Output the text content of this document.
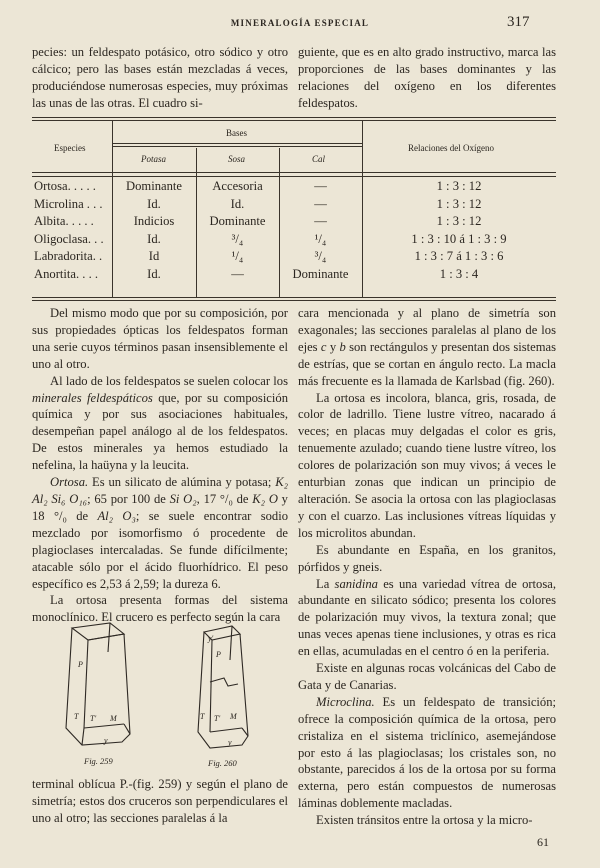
MINERALOGÍA ESPECIAL	317

pecies: un feldespato potásico, otro sódico y otro cálcico; pero las bases están mezcladas á veces, produciéndose numerosas especies, muy próximas las unas de las otras. El cuadro si-

guiente, que es en alto grado instructivo, marca las proporciones de las bases dominantes y las relaciones del oxígeno en los diferentes feldespatos.

Especies
Bases
Potasa	Sosa	Cal
Relaciones del Oxígeno
Ortosa. . . . .	Dominante	Accesoria	—	1 : 3 : 12
Microlina . . .	Id.	Id.	—	1 : 3 : 12
Albita. . . . .	Indicios	Dominante	—	1 : 3 : 12
Oligoclasa. . .	Id.	³/₄	¹/₄	1 : 3 : 10 á 1 : 3 : 9
Labradorita. .	Id	¹/₄	³/₄	1 : 3 : 7 á 1 : 3 : 6
Anortita. . . .	Id.	—	Dominante	1 : 3 : 4

Del mismo modo que por su composición, por sus propiedades ópticas los feldespatos forman una serie cuyos términos pasan insensiblemente el uno al otro.

Al lado de los feldespatos se suelen colocar los minerales feldespáticos que, por su composición química y por sus asociaciones habituales, desempeñan papel análogo al de los feldespatos. De estos minerales ya hemos estudiado la nefelina, la haüyna y la leucita.

Ortosa. Es un silicato de alúmina y potasa; K₂ Al₂ Si₆ O₁₆; 65 por 100 de Si O₂, 17 °/₀ de K₂ O y 18 °/₀ de Al₂ O₃; se suele encontrar sodio mezclado por isomorfismo ó procedente de plagioclases intercaladas. Se funde difícilmente; atacable sólo por el ácido fluorhídrico. El peso específico es 2,53 á 2,59; la dureza 6.

La ortosa presenta formas del sistema monoclínico. El crucero es perfecto según la cara

P
T T' M
y
y'
P
T T' M
y
Fig. 259	Fig. 260

terminal oblícua P.-(fig. 259) y según el plano de simetría; estos dos cruceros son perpendiculares el uno al otro; las secciones paralelas á la

cara mencionada y al plano de simetría son exagonales; las secciones paralelas al plano de los ejes c y b son rectángulos y presentan dos sistemas de estrías, que se cortan en ángulo recto. La macla más frecuente es la llamada de Karlsbad (fig. 260).

La ortosa es incolora, blanca, gris, rosada, de color de ladrillo. Tiene lustre vítreo, nacarado á veces; en placas muy delgadas el color es gris, tenuemente azulado; cuando tiene lustre vítreo, los colores de polarización son muy vivos; á veces le enturbian zonas que indican un principio de alteración. Se asocia la ortosa con las plagioclasas y con el cuarzo. Las inclusiones vítreas líquidas y los microlitos abundan.

Es abundante en España, en los granitos, pórfidos y gneis.

La sanidina es una variedad vítrea de ortosa, abundante en silicato sódico; presenta los colores de polarización muy vivos, la textura zonal; que unas veces apenas tiene inclusiones, y otras es rica en ellas, acumuladas en el centro ó en la periferia.

Existe en algunas rocas volcánicas del Cabo de Gata y de Canarias.

Microclina. Es un feldespato de transición; ofrece la composición química de la ortosa, pero cristaliza en el sistema triclínico, asemejándose por esto á las plagioclasas; los cristales son, no obstante, parecidos á los de la ortosa por su forma externa, pero están compuestos de numerosas láminas doblemente macladas.

Existen tránsitos entre la ortosa y la micro-

61
